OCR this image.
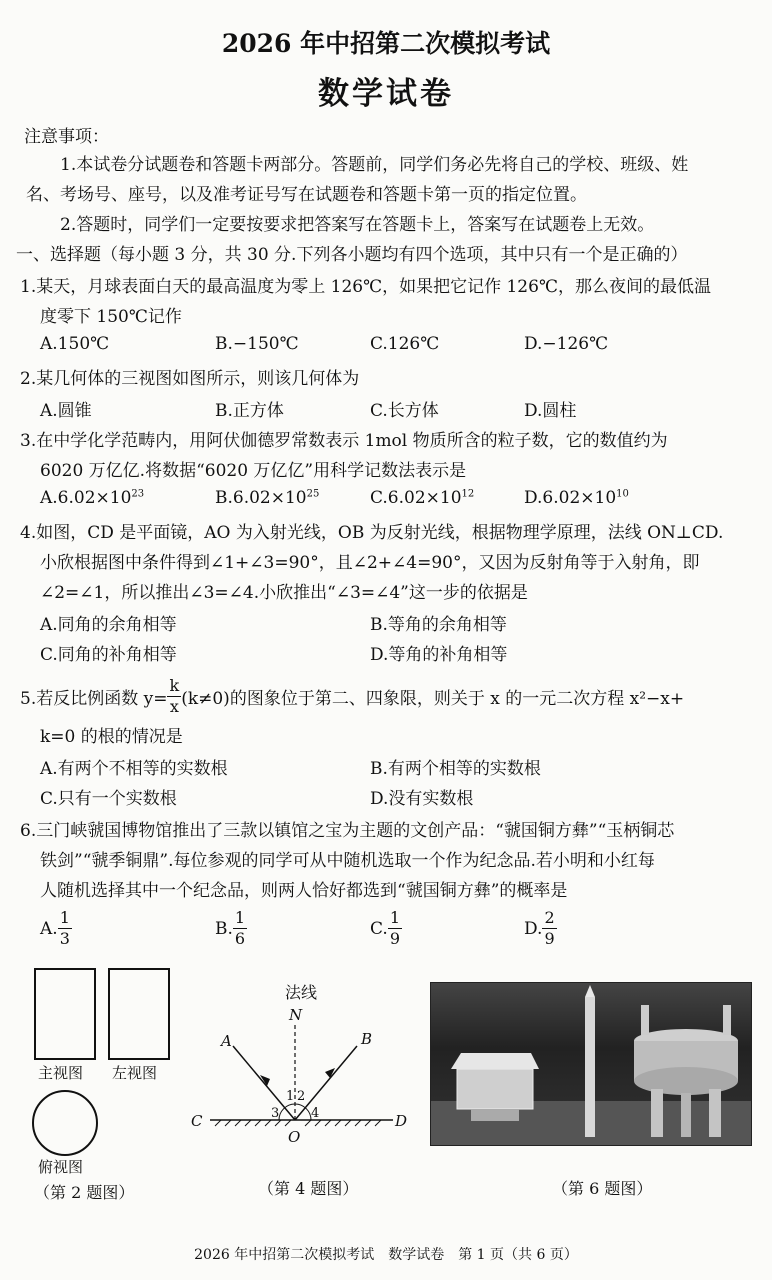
2026 年中招第二次模拟考试
数学试卷
注意事项：
1.本试卷分试题卷和答题卡两部分。答题前，同学们务必先将自己的学校、班级、姓
名、考场号、座号，以及准考证号写在试题卷和答题卡第一页的指定位置。
2.答题时，同学们一定要按要求把答案写在答题卡上，答案写在试题卷上无效。
一、选择题（每小题 3 分，共 30 分.下列各小题均有四个选项，其中只有一个是正确的）
1.某天，月球表面白天的最高温度为零上 126℃，如果把它记作 126℃，那么夜间的最低温
度零下 150℃记作
A.150℃	B.−150℃	C.126℃	D.−126℃
2.某几何体的三视图如图所示，则该几何体为
A.圆锥	B.正方体	C.长方体	D.圆柱
3.在中学化学范畴内，用阿伏伽德罗常数表示 1mol 物质所含的粒子数，它的数值约为
6020 万亿亿.将数据“6020 万亿亿”用科学记数法表示是
$A.6.02\times 10^{23}$	$B.6.02\times 10^{25}$	$C.6.02\times 10^{12}$	$D.6.02\times 10^{10}$
4.如图，CD 是平面镜，AO 为入射光线，OB 为反射光线，根据物理学原理，法线 ON⊥CD.
小欣根据图中条件得到∠1+∠3=90°，且∠2+∠4=90°，又因为反射角等于入射角，即
∠2=∠1，所以推出∠3=∠4.小欣推出“∠3=∠4”这一步的依据是
A.同角的余角相等	B.等角的余角相等
C.同角的补角相等	D.等角的补角相等
5.若反比例函数 $y= \frac{k}{x} (k\ne 0)$的图象位于第二、四象限，则关于 x 的一元二次方程 x²−x+
k=0 的根的情况是
A.有两个不相等的实数根	B.有两个相等的实数根
C.只有一个实数根	D.没有实数根
6.三门峡虢国博物馆推出了三款以镇馆之宝为主题的文创产品：“虢国铜方彝”“玉柄铜芯
铁剑”“虢季铜鼎”.每位参观的同学可从中随机选取一个作为纪念品.若小明和小红每
人随机选择其中一个纪念品，则两人恰好都选到“虢国铜方彝”的概率是
A. $\frac{1}{3}$	B. $\frac{1}{6}$	C. $\frac{1}{9}$	D. $\frac{2}{9}$
主视图 左视图
俯视图
（第 2 题图）
法线
N
A	B
C	D
O
1 2
3 4
（第 4 题图）	（第 6 题图）
2026 年中招第二次模拟考试　数学试卷　第 1 页（共 6 页）
